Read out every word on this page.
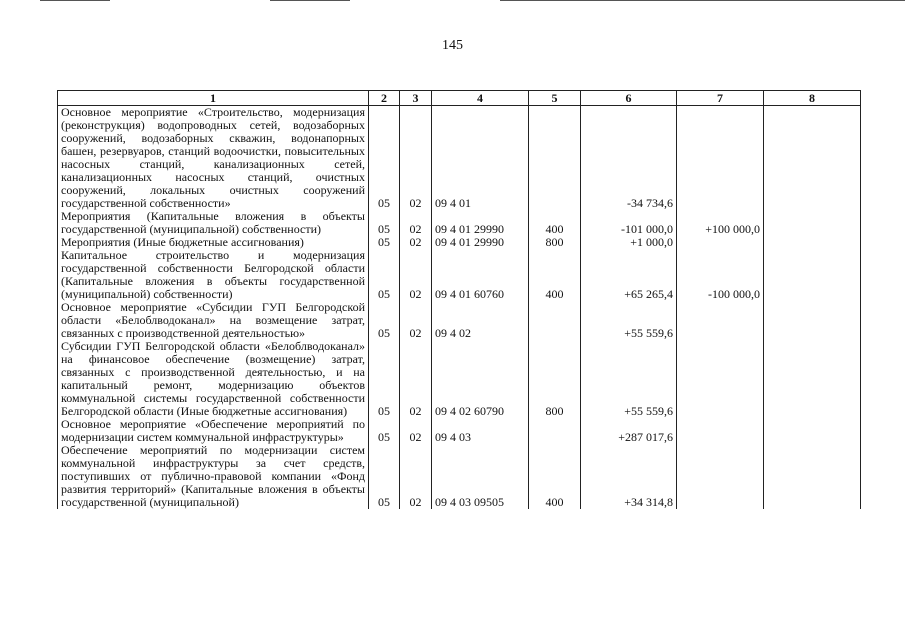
145
1	2	3	4	5	6	7	8
Основное мероприятие «Строительство, модернизация (реконструкция) водопроводных сетей, водозаборных сооружений, водозаборных скважин, водонапорных башен, резервуаров, станций водоочистки, повысительных насосных станций, канализационных сетей, канализационных насосных станций, очистных сооружений, локальных очистных сооружений государственной собственности»	05	02	09 4 01		-34 734,6		
Мероприятия (Капитальные вложения в объекты государственной (муниципальной) собственности)	05	02	09 4 01 29990	400	-101 000,0	+100 000,0	
Мероприятия (Иные бюджетные ассигнования)	05	02	09 4 01 29990	800	+1 000,0		
Капитальное строительство и модернизация государственной собственности Белгородской области (Капитальные вложения в объекты государственной (муниципальной) собственности)	05	02	09 4 01 60760	400	+65 265,4	-100 000,0	
Основное мероприятие «Субсидии ГУП Белгородской области «Белоблводоканал» на возмещение затрат, связанных с производственной деятельностью»	05	02	09 4 02		+55 559,6		
Субсидии ГУП Белгородской области «Белоблводоканал» на финансовое обеспечение (возмещение) затрат, связанных с производственной деятельностью, и на капитальный ремонт, модернизацию объектов коммунальной системы государственной собственности Белгородской области (Иные бюджетные ассигнования)	05	02	09 4 02 60790	800	+55 559,6		
Основное мероприятие «Обеспечение мероприятий по модернизации систем коммунальной инфраструктуры»	05	02	09 4 03		+287 017,6		
Обеспечение мероприятий по модернизации систем коммунальной инфраструктуры за счет средств, поступивших от публично-правовой компании «Фонд развития территорий» (Капитальные вложения в объекты государственной (муниципальной)	05	02	09 4 03 09505	400	+34 314,8		
